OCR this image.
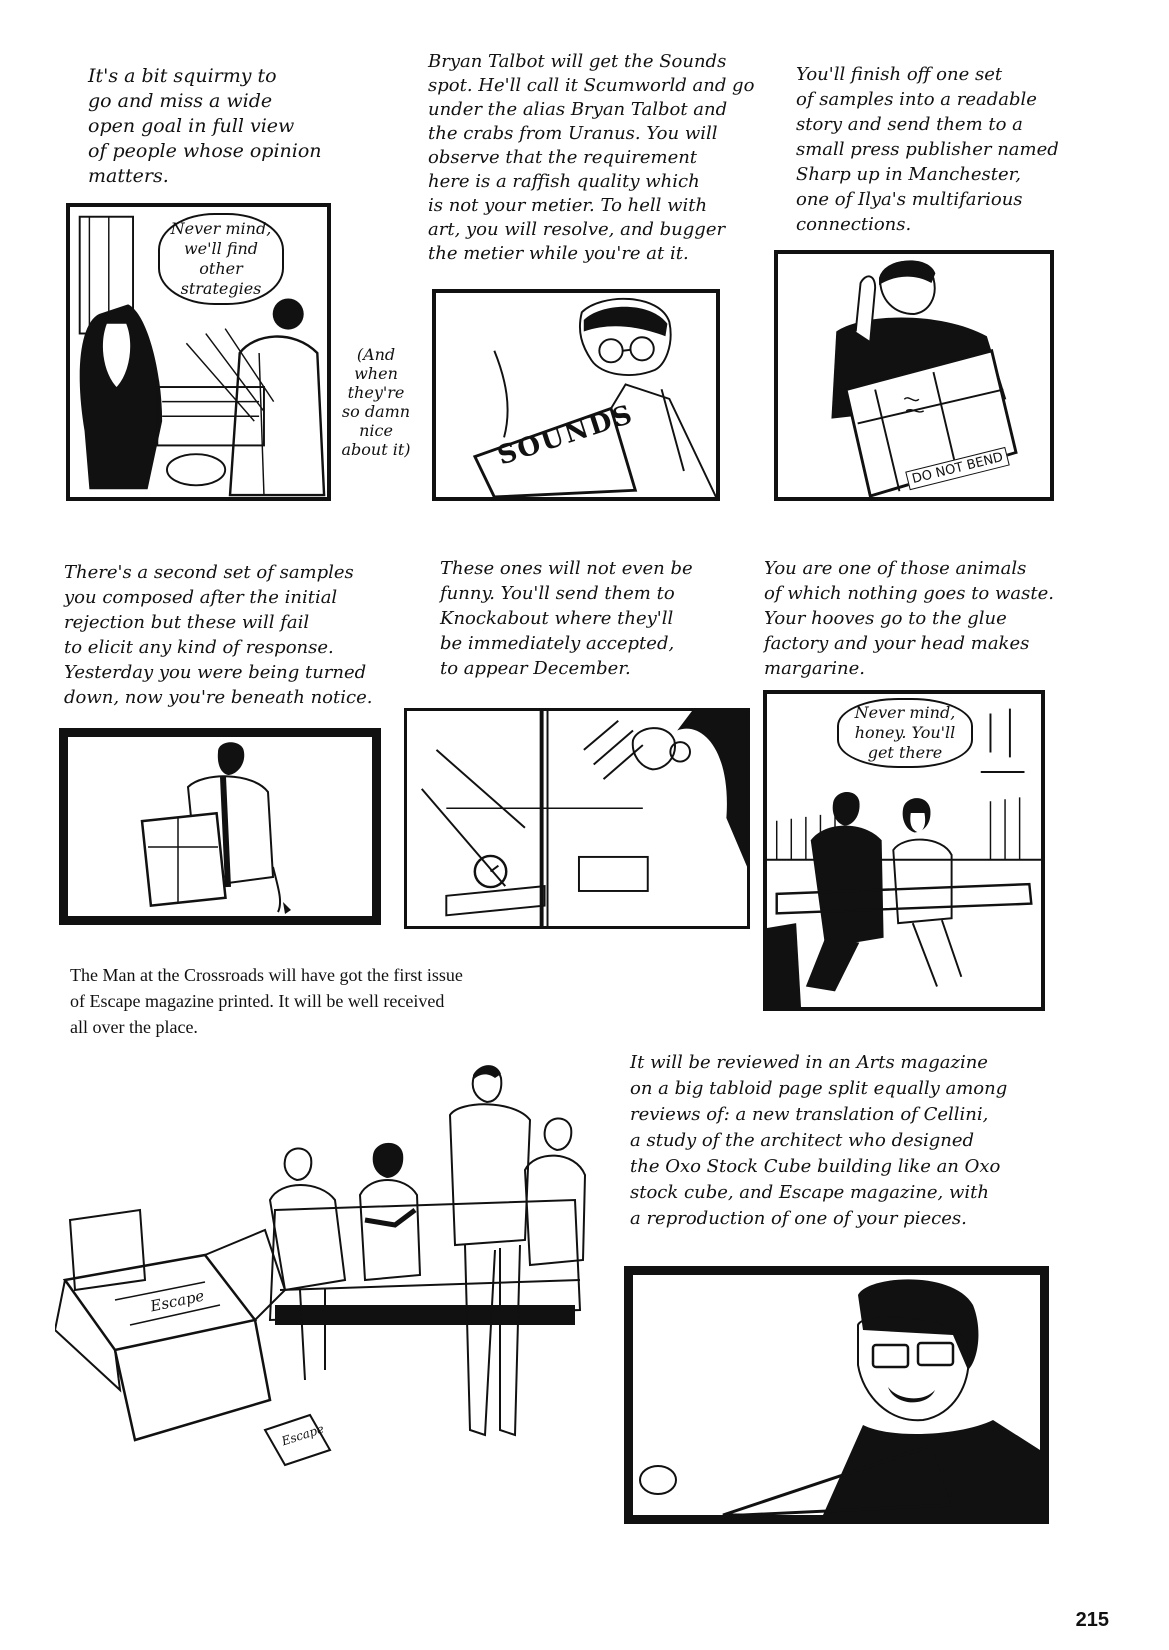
It's a bit squirmy to
go and miss a wide
open goal in full view
of people whose opinion
matters.

Never mind,
we'll find
other
strategies

(And
when
they're
so damn
nice
about it)

Bryan Talbot will get the Sounds
spot. He'll call it Scumworld and go
under the alias Bryan Talbot and
the crabs from Uranus. You will
observe that the requirement
here is a raffish quality which
is not your metier. To hell with
art, you will resolve, and bugger
the metier while you're at it.

SOUNDS

You'll finish off one set
of samples into a readable
story and send them to a
small press publisher named
Sharp up in Manchester,
one of Ilya's multifarious
connections.

DO NOT BEND

There's a second set of samples
you composed after the initial
rejection but these will fail
to elicit any kind of response.
Yesterday you were being turned
down, now you're beneath notice.

These ones will not even be
funny. You'll send them to
Knockabout where they'll
be immediately accepted,
to appear December.

You are one of those animals
of which nothing goes to waste.
Your hooves go to the glue
factory and your head makes
margarine.

Never mind,
honey. You'll
get there

The Man at the Crossroads will have got the first issue
of Escape magazine printed. It will be well received
all over the place.

Escape
Escape

It will be reviewed in an Arts magazine
on a big tabloid page split equally among
reviews of: a new translation of Cellini,
a study of the architect who designed
the Oxo Stock Cube building like an Oxo
stock cube, and Escape magazine, with
a reproduction of one of your pieces.

215
